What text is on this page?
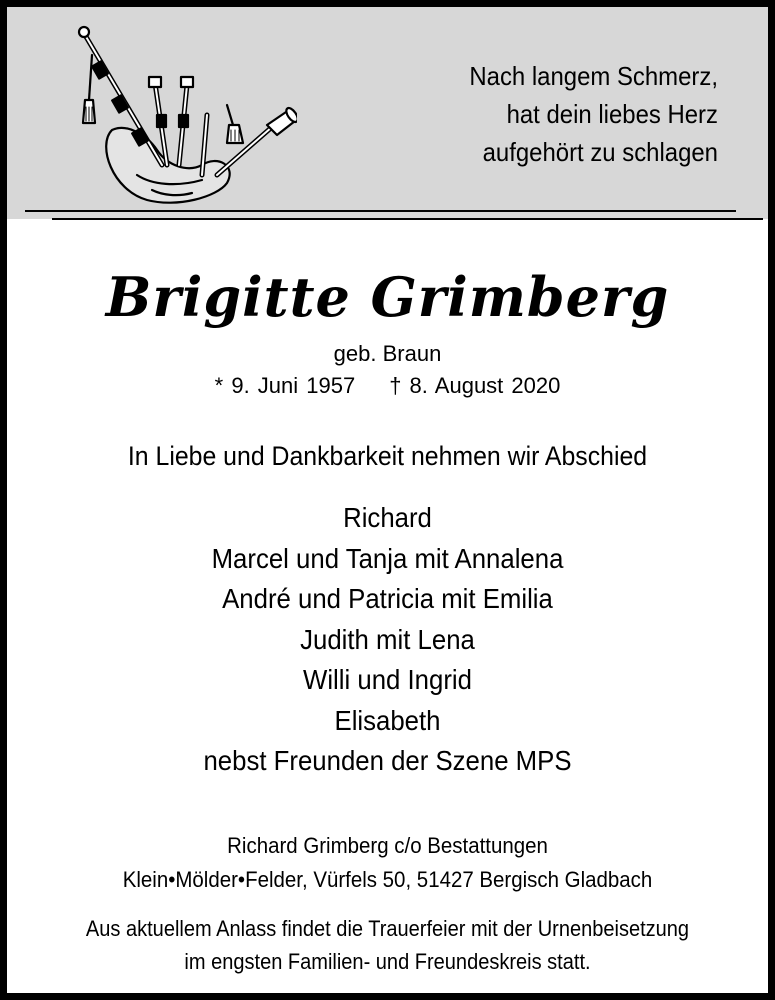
Nach langem Schmerz,
hat dein liebes Herz
aufgehört zu schlagen
Brigitte Grimberg
geb. Braun
* 9. Juni 1957 † 8. August 2020
In Liebe und Dankbarkeit nehmen wir Abschied
Richard
Marcel und Tanja mit Annalena
André und Patricia mit Emilia
Judith mit Lena
Willi und Ingrid
Elisabeth
nebst Freunden der Szene MPS
Richard Grimberg c/o Bestattungen
Klein•Mölder•Felder, Vürfels 50, 51427 Bergisch Gladbach
Aus aktuellem Anlass findet die Trauerfeier mit der Urnenbeisetzung
im engsten Familien- und Freundeskreis statt.
